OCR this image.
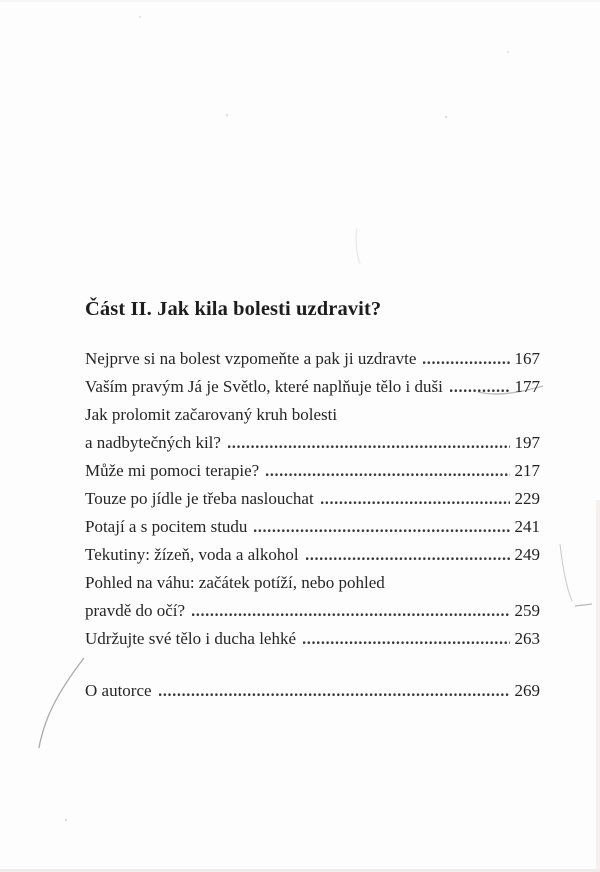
Část II. Jak kila bolesti uzdravit?
Nejprve si na bolest vzpomeňte a pak ji uzdravte	167
Vaším pravým Já je Světlo, které naplňuje tělo i duši	177
Jak prolomit začarovaný kruh bolesti
a nadbytečných kil?	197
Může mi pomoci terapie?	217
Touze po jídle je třeba naslouchat	229
Potají a s pocitem studu	241
Tekutiny: žízeň, voda a alkohol	249
Pohled na váhu: začátek potíží, nebo pohled
pravdě do očí?	259
Udržujte své tělo i ducha lehké	263
O autorce	269
